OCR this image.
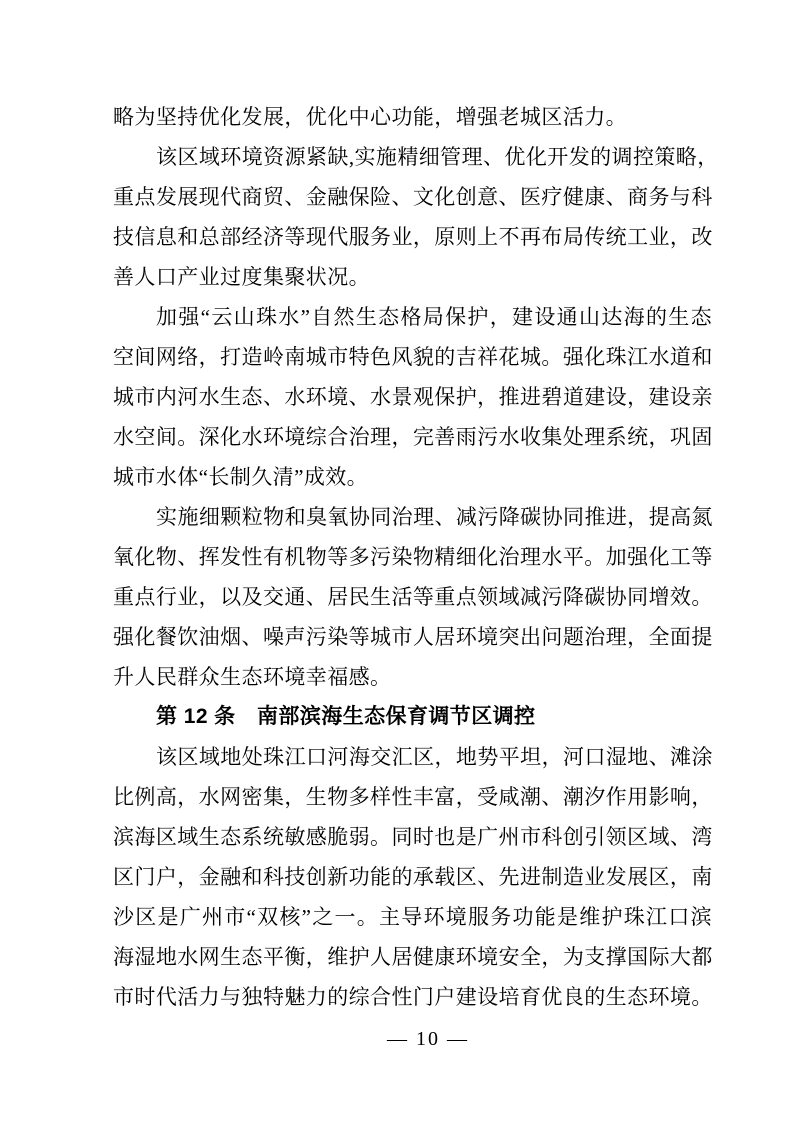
略为坚持优化发展，优化中心功能，增强老城区活力。
该区域环境资源紧缺,实施精细管理、优化开发的调控策略，
重点发展现代商贸、金融保险、文化创意、医疗健康、商务与科
技信息和总部经济等现代服务业，原则上不再布局传统工业，改
善人口产业过度集聚状况。
加强“云山珠水”自然生态格局保护，建设通山达海的生态
空间网络，打造岭南城市特色风貌的吉祥花城。强化珠江水道和
城市内河水生态、水环境、水景观保护，推进碧道建设，建设亲
水空间。深化水环境综合治理，完善雨污水收集处理系统，巩固
城市水体“长制久清”成效。
实施细颗粒物和臭氧协同治理、减污降碳协同推进，提高氮
氧化物、挥发性有机物等多污染物精细化治理水平。加强化工等
重点行业，以及交通、居民生活等重点领域减污降碳协同增效。
强化餐饮油烟、噪声污染等城市人居环境突出问题治理，全面提
升人民群众生态环境幸福感。
第 12 条　南部滨海生态保育调节区调控
该区域地处珠江口河海交汇区，地势平坦，河口湿地、滩涂
比例高，水网密集，生物多样性丰富，受咸潮、潮汐作用影响，
滨海区域生态系统敏感脆弱。同时也是广州市科创引领区域、湾
区门户，金融和科技创新功能的承载区、先进制造业发展区，南
沙区是广州市“双核”之一。主导环境服务功能是维护珠江口滨
海湿地水网生态平衡，维护人居健康环境安全，为支撑国际大都
市时代活力与独特魅力的综合性门户建设培育优良的生态环境。
— 10 —
